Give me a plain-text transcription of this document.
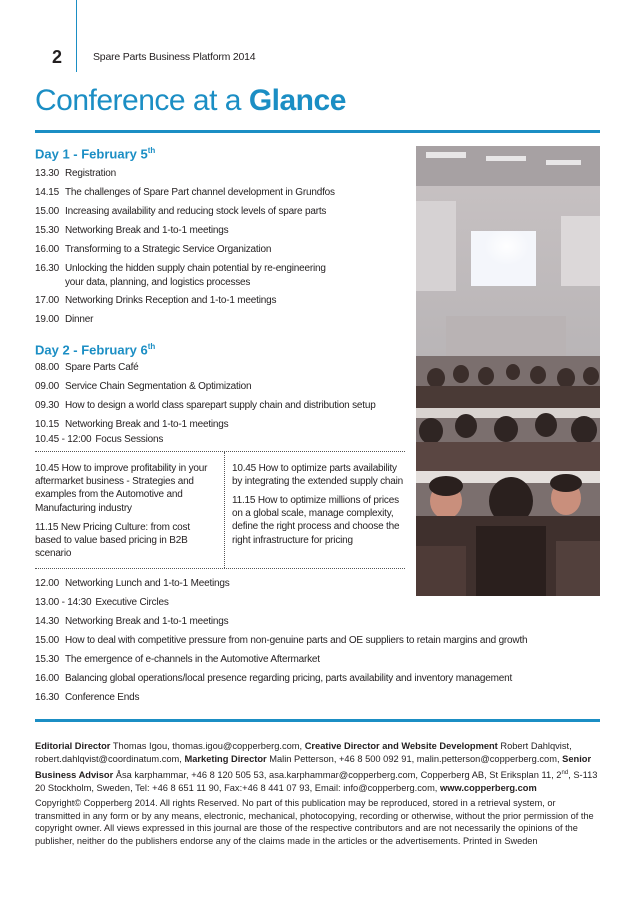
2	Spare Parts Business Platform 2014
Conference at a Glance
Day 1 - February 5th
13.30 Registration
14.15 The challenges of Spare Part channel development in Grundfos
15.00 Increasing availability and reducing stock levels of spare parts
15.30 Networking Break and 1-to-1 meetings
16.00 Transforming to a Strategic Service Organization
16.30 Unlocking the hidden supply chain potential by re-engineering
your data, planning, and logistics processes
17.00 Networking Drinks Reception and 1-to-1 meetings
19.00 Dinner
Day 2 - February 6th
08.00 Spare Parts Café
09.00 Service Chain Segmentation & Optimization
09.30 How to design a world class sparepart supply chain and distribution setup
10.15 Networking Break and 1-to-1 meetings
10.45 - 12:00 Focus Sessions
10.45 How to improve profitability in your aftermarket business - Strategies and examples from the Automotive and Manufacturing industry
11.15 New Pricing Culture: from cost based to value based pricing in B2B scenario
10.45 How to optimize parts availability by integrating the extended supply chain
11.15 How to optimize millions of prices on a global scale, manage complexity, define the right process and choose the right infrastructure for pricing
12.00 Networking Lunch and 1-to-1 Meetings
13.00 - 14:30 Executive Circles
14.30 Networking Break and 1-to-1 meetings
15.00 How to deal with competitive pressure from non-genuine parts and OE suppliers to retain margins and growth
15.30 The emergence of e-channels in the Automotive Aftermarket
16.00 Balancing global operations/local presence regarding pricing, parts availability and inventory management
16.30 Conference Ends
Editorial Director Thomas Igou, thomas.igou@copperberg.com, Creative Director and Website Development Robert Dahlqvist, robert.dahlqvist@coordinatum.com, Marketing Director Malin Petterson, +46 8 500 092 91, malin.petterson@copperberg.com, Senior Business Advisor Åsa karphammar, +46 8 120 505 53, asa.karphammar@copperberg.com, Copperberg AB, St Eriksplan 11, 2nd, S-113 20 Stockholm, Sweden, Tel: +46 8 651 11 90, Fax:+46 8 441 07 93, Email: info@copperberg.com, www.copperberg.com
Copyright© Copperberg 2014. All rights Reserved. No part of this publication may be reproduced, stored in a retrieval system, or transmitted in any form or by any means, electronic, mechanical, photocopying, recording or otherwise, without the prior permission of the copyright owner. All views expressed in this journal are those of the respective contributors and are not necessarily the opinions of the publisher, neither do the publishers endorse any of the claims made in the articles or the advertisements. Printed in Sweden
